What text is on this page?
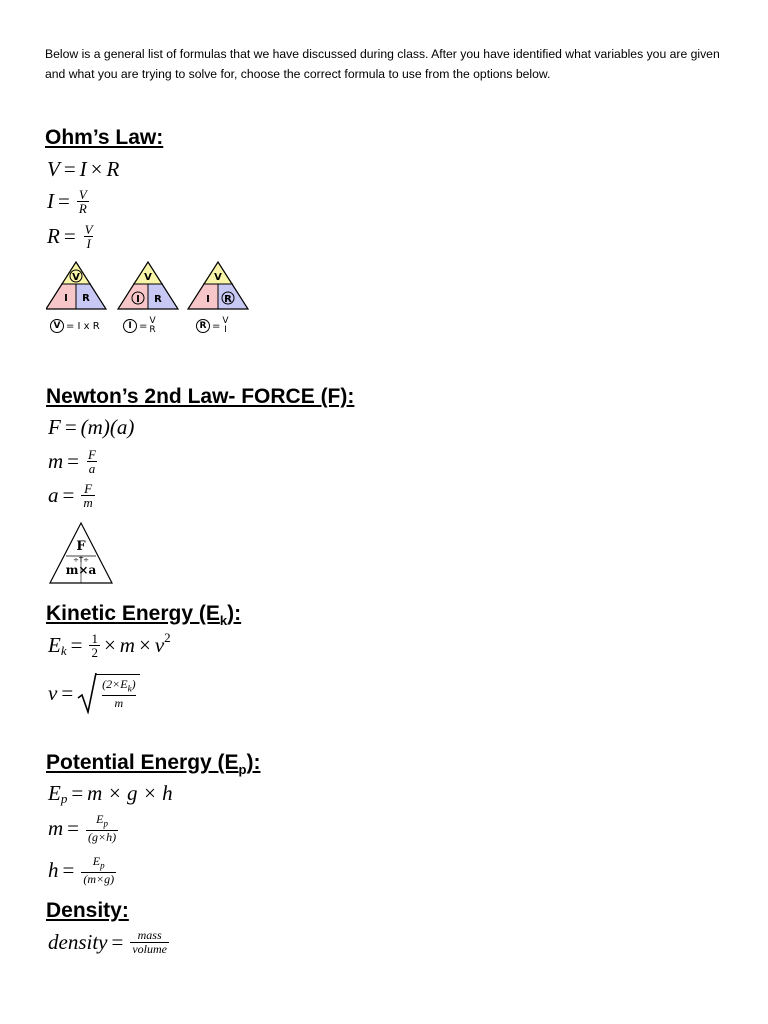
Below is a general list of formulas that we have discussed during class. After you have identified what variables you are given and what you are trying to solve for, choose the correct formula to use from the options below.
Ohm’s Law:
V = I × R
$I = \frac{V}{R}$
$R = \frac{V}{I}$
V
I R
V
I R
V
I R
V = I x R	I = V
R	R = V
I
Newton’s 2nd Law- FORCE (F):
F = (m)(a)
$m = \frac{F}{a}$
$a = \frac{F}{m}$
F
÷T÷
m×a
Kinetic Energy $(E_k)$:
E $k = \frac{1}{2} \times m \times v$ 2
$v = \frac{(2\times E_k)}{m}$
Potential Energy $(E_p)$:
E p = m × g × h
$m = \frac{E_p}{(g\times h)}$
$h = \frac{E_p}{(m\times g)}$
Density:
density = $\frac{\text{mass}}{\text{volume}}$
